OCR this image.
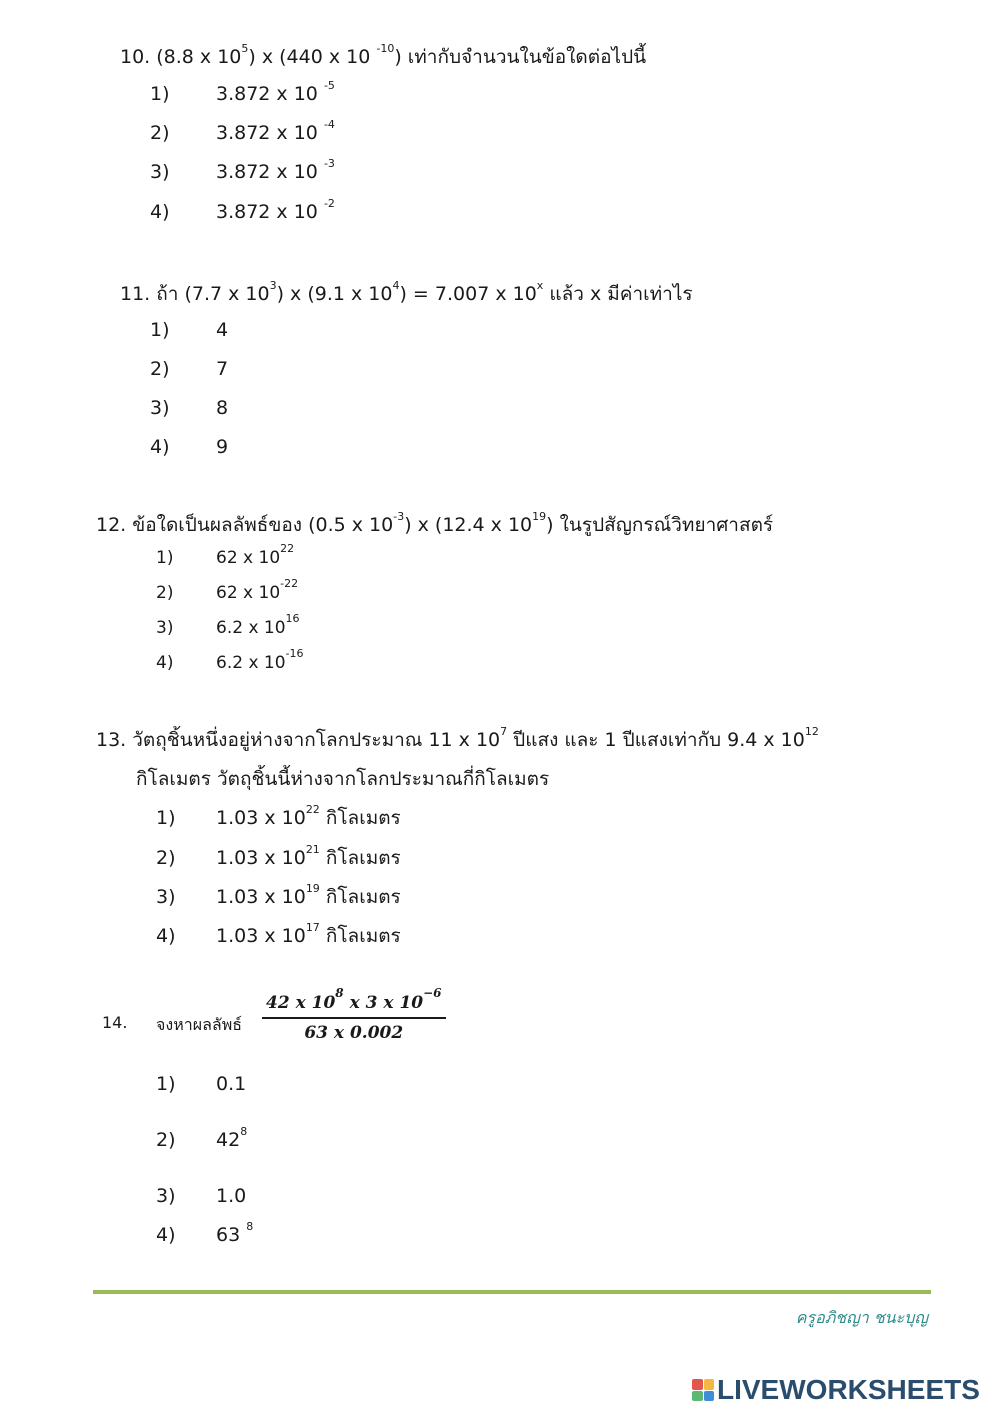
10. (8.8 x $10^5$) x (440 x 10 $^{-10}$) เท่ากับจำนวนในข้อใดต่อไปนี้
1) 3.872 x 10 $^{-5}$
2) 3.872 x 10 $^{-4}$
3) 3.872 x 10 $^{-3}$
4) 3.872 x 10 $^{-2}$
11. ถ้า (7.7 x $10^3$) x (9.1 x $10^4) = 7.007$ x 10$^x$ แล้ว x มีค่าเท่าไร
1) 4
2) 7
3) 8
4) 9
12. ข้อใดเป็นผลลัพธ์ของ (0.5 x $10^{-3}$) x (12.4 x $10^{19}$) ในรูปสัญกรณ์วิทยาศาสตร์
1)	62 x $10^{22}$
2)	62 x $10^{-22}$
3)	6.2 x $10^{16}$
4)	6.2 x $10^{-16}$
13. วัตถุชิ้นหนึ่งอยู่ห่างจากโลกประมาณ 11 x $10^7$ ปีแสง และ 1 ปีแสงเท่ากับ 9.4 x $10^{12}$
กิโลเมตร วัตถุชิ้นนี้ห่างจากโลกประมาณกี่กิโลเมตร
1) 1.03 x $10^{22}$ กิโลเมตร
2) 1.03 x $10^{21}$ กิโลเมตร
3) 1.03 x $10^{19}$ กิโลเมตร
4) 1.03 x $10^{17}$ กิโลเมตร
14. จงหาผลลัพธ์ $\frac{42 x 10^8 x 3 x 10^{-6}}{63 x 0.002}$
1) 0.1
2) $42^8$
3) 1.0
4) 63 $^8$
ครูอภิชญา ชนะบุญ
LIVEWORKSHEETS
